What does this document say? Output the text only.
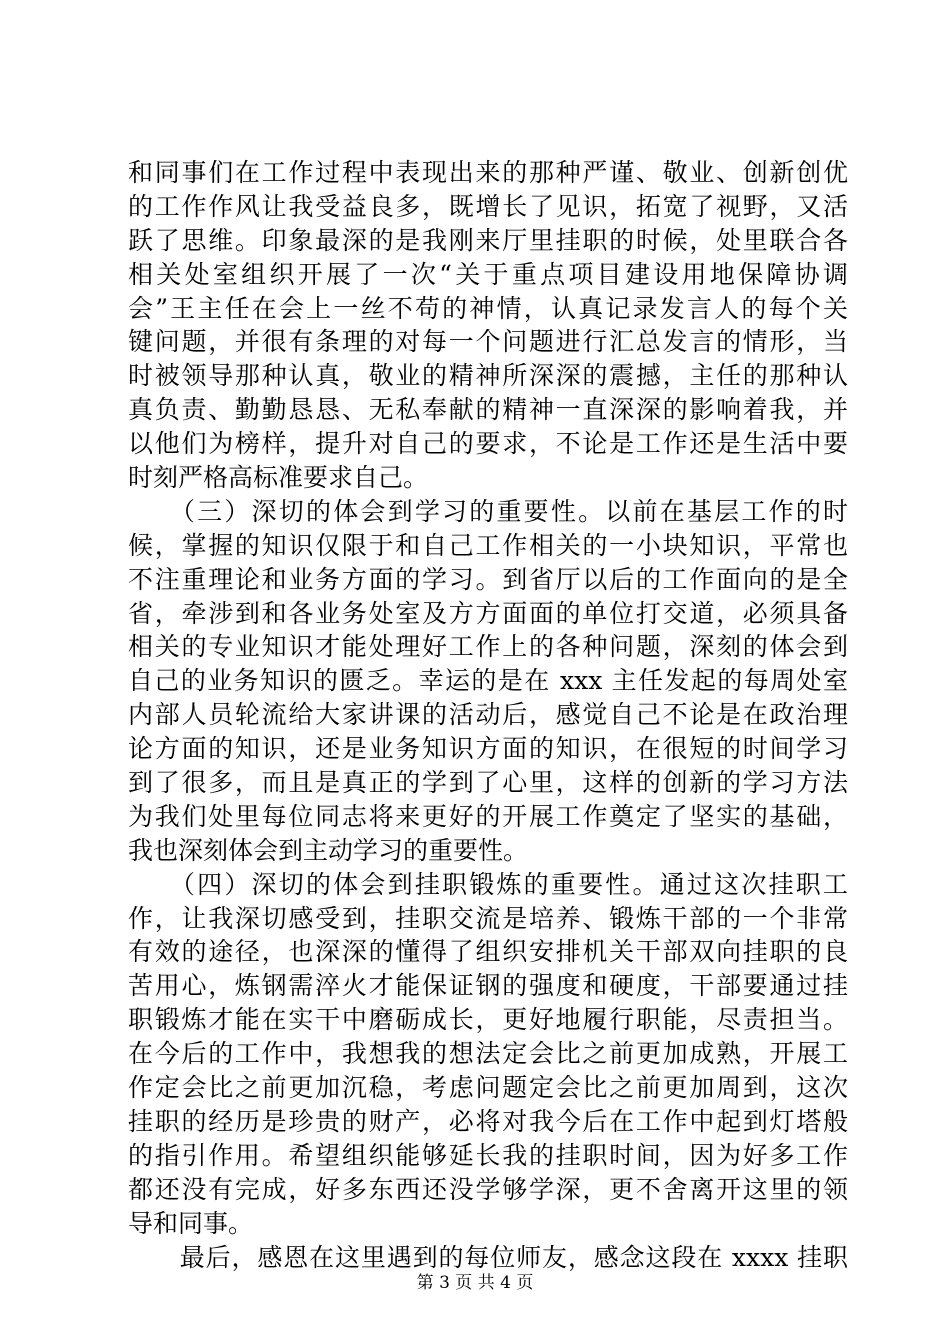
和同事们在工作过程中表现出来的那种严谨、敬业、创新创优
的工作作风让我受益良多，既增长了见识，拓宽了视野，又活
跃了思维。印象最深的是我刚来厅里挂职的时候，处里联合各
相关处室组织开展了一次“关于重点项目建设用地保障协调
会”王主任在会上一丝不苟的神情，认真记录发言人的每个关
键问题，并很有条理的对每一个问题进行汇总发言的情形，当
时被领导那种认真，敬业的精神所深深的震撼，主任的那种认
真负责、勤勤恳恳、无私奉献的精神一直深深的影响着我，并
以他们为榜样，提升对自己的要求，不论是工作还是生活中要
时刻严格高标准要求自己。
　　（三）深切的体会到学习的重要性。以前在基层工作的时
候，掌握的知识仅限于和自己工作相关的一小块知识，平常也
不注重理论和业务方面的学习。到省厅以后的工作面向的是全
省，牵涉到和各业务处室及方方面面的单位打交道，必须具备
相关的专业知识才能处理好工作上的各种问题，深刻的体会到
自己的业务知识的匮乏。幸运的是在 xxx 主任发起的每周处室
内部人员轮流给大家讲课的活动后，感觉自己不论是在政治理
论方面的知识，还是业务知识方面的知识，在很短的时间学习
到了很多，而且是真正的学到了心里，这样的创新的学习方法
为我们处里每位同志将来更好的开展工作奠定了坚实的基础，
我也深刻体会到主动学习的重要性。
　　（四）深切的体会到挂职锻炼的重要性。通过这次挂职工
作，让我深切感受到，挂职交流是培养、锻炼干部的一个非常
有效的途径，也深深的懂得了组织安排机关干部双向挂职的良
苦用心，炼钢需淬火才能保证钢的强度和硬度，干部要通过挂
职锻炼才能在实干中磨砺成长，更好地履行职能，尽责担当。
在今后的工作中，我想我的想法定会比之前更加成熟，开展工
作定会比之前更加沉稳，考虑问题定会比之前更加周到，这次
挂职的经历是珍贵的财产，必将对我今后在工作中起到灯塔般
的指引作用。希望组织能够延长我的挂职时间，因为好多工作
都还没有完成，好多东西还没学够学深，更不舍离开这里的领
导和同事。
　　最后，感恩在这里遇到的每位师友，感念这段在 xxxx 挂职
第 3 页 共 4 页
